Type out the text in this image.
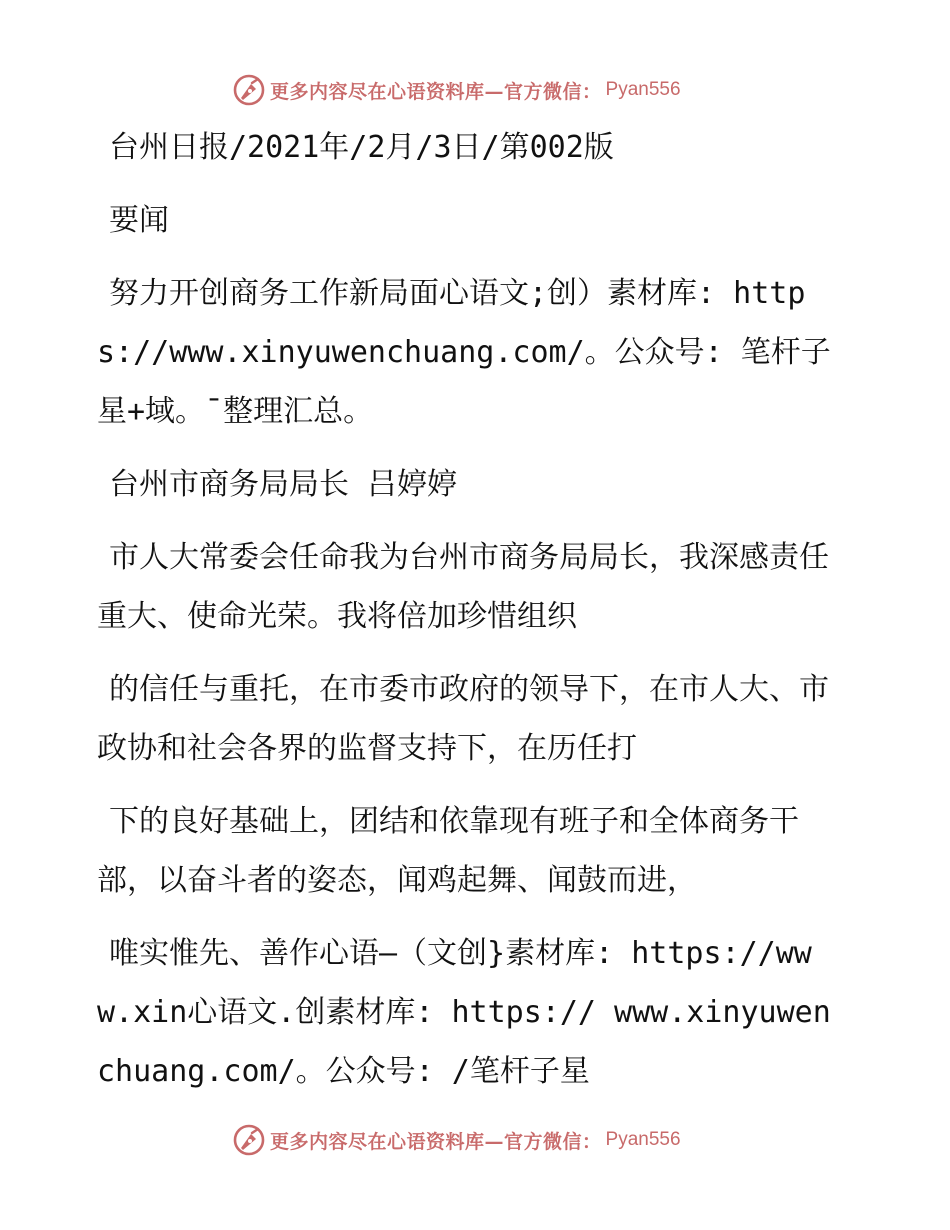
更多内容尽在心语资料库—官方微信： Pyan556

台州日报/2021年/2月/3日/第002版

要闻

努力开创商务工作新局面心语文;创）素材库: https://www.xinyuwenchuang.com/。公众号: 笔杆子星+域。¯整理汇总。

台州市商务局局长 吕婷婷

市人大常委会任命我为台州市商务局局长，我深感责任重大、使命光荣。我将倍加珍惜组织

的信任与重托，在市委市政府的领导下，在市人大、市政协和社会各界的监督支持下，在历任打

下的良好基础上，团结和依靠现有班子和全体商务干部，以奋斗者的姿态，闻鸡起舞、闻鼓而进，

唯实惟先、善作心语—（文创}素材库: https://www.xin心语文.创素材库: https:// www.xinyuwenchuang.com/。公众号: /笔杆子星

更多内容尽在心语资料库—官方微信： Pyan556
